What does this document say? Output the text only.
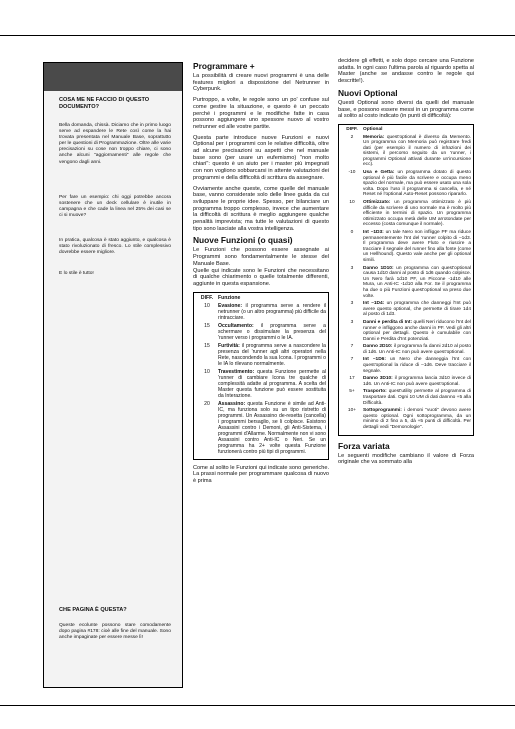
COSA ME NE FACCIO DI QUESTO DOCUMENTO?

Bella domanda, chissà. Diciamo che in primo luogo serve ad espandere le Rete così come la hai trovata presentata nel Manuale Base, soprattutto per le questioni di Programmazione. Oltre alle varie precisazioni su cose non troppo chiare, ci sono anche alcuni "aggiornamenti" alle regole che vengono dagli anni.

Per fare un esempio: chi oggi potrebbe ancora sostenere che un deck cellulare è inutile in campagna e che cade la linea nel 25% dei casi se ci si muove?

In pratica, qualcosa è stato aggiunto, e qualcosa è stato rivoluzionato di fresco. Lo stile complessivo dovrebbe essere migliore.

E lo stile è tutto!

CHE PAGINA È QUESTA?

Queste ecolunte possono stare comodamente dopo pagina #178: cioè alle fine del manuale. Sono anche impaginate per essere messe lì!

Programmare +

La possibilità di creare nuovi programmi è una delle features migliori a disposizione del Netrunner in Cyberpunk.

Purtroppo, a volte, le regole sono un po' confuse sul come gestire la situazione, e questo è un peccato perché i programmi e le modifiche fatte in casa possono aggiungere uno spessore nuovo al vostro netrunner ed alle vostre partite.

Questa parte introduce nuove Funzioni e nuovi Optional per i programmi con le relative difficoltà, oltre ad alcune precisazioni su aspetti che nel manuale base sono (per usare un eufemismo) "non molto chiari": questo è un aiuto per i master più impegnati con non vogliono sobbarcarsi in attente valutazioni dei programmi e della difficoltà di scrittura da assegnare.

Ovviamente anche queste, come quelle del manuale base, vanno considerate solo delle linee guida da cui sviluppare le proprie idee. Spesso, per bilanciare un programma troppo complesso, invece che aumentare la difficoltà di scrittura è meglio aggiungere qualche penalità imprevista; ma tutte le valutazioni di questo tipo sono lasciate alla vostra intelligenza.

Nuove Funzioni (o quasi)

Le Funzioni che possono essere assegnate ai Programmi sono fondamentalmente le stesse del Manuale Base.

Quelle qui indicate sono le Funzioni che necessitano di qualche chiarimento o quelle totalmente differenti, aggiunte in questa espansione.

DIFF. Funzione
10	Evasione: il programma serve a rendere il netrunner (o un altro programma) più difficile da rintracciare.
15	Occultamento: il programma serve a schermare o dissimulare la presenza del 'runner verso i programmi o le IA.
15	Furtività: il programma serve a nascondere la presenza del 'runner agli altri operatori nella Rete, nascondendo la sua Icona. I programmi o le IA lo rilevano normalmente.
10	Travestimento: questa Funzione permette al 'runner di cambiare Icona tre qualche di complessità adatte al programma. A scelta del Master questa funzione può essere sostituita da Interazione.
20	Assassino: questa Funzione è simile ad Anti-IC, ma funziona solo su un tipo ristretto di programmi. Un Assassino de-resetta (cancella) i programmi bersaglio, se li colpisce. Esistono Assassini contro i Demoni, gli Anti-Sistema, i programmi d'Allarme. Normalmente non vi sono Assassini contro Anti-IC o Neri. Se un programma ha 2+ volte questa Funzione funzionerà contro più tipi di programmi.

Come al solito le Funzioni qui indicate sono generiche. La prassi normale per programmare qualcosa di nuovo è prima

decidere gli effetti, e solo dopo cercare una Funzione adatta. In ogni caso l'ultima parola al riguardo spetta al Master (anche se andasse contro le regole qui descritte!).

Nuovi Optional

Questi Optional sono diversi da quelli del manuale base, e possono essere messi in un programma come al solito al costo indicato (in punti di difficoltà):

DIFF.	Optional
2	Memoria: quest'optional è diverso da Memento. Un programma con Memoria può registrare fredi dati (per esempio il numero di infrazioni dei sistemi, il percorso seguito da un 'runner, i programmi Optional attivati durante un'incursione ecc).
-10	Usa e Getta: un programma dotato di questo optional è più facile da scrivere e occupa meno spazio del normale, ma può essere usato una sola volta. Dopo l'uso il programma si cancella, e né Reset né l'optional Auto-Reset possono ripararlo.
10	Ottimizzato: un programma ottimizzato è più difficile da scrivere di uno normale ma è molto più efficiente in termini di spazio. Un programma ottimizzato occupa metà delle UM arrotondate per eccesso (costa comunque il normale).
0	Int –1D3: un tale Nero non infligge PF ma riduce permanentemente l'Int del 'runner colpito di –1d3. Il programma deve avere Fluto e riuscire a tracciare il segnale del runner fino alla fonte (come un Hellhound). Questo vale anche per gli optional simili.
3	Danno 1D10: un programma con quest'optional causa 1d10 danni al posto di 1d6 quando colpisce. Un Nero farà 1d10 PF, un Piccone -1d10 alle Mura, un Anti-IC -1d10 alla For. Se il programma ha due o più Funzioni quest'optional va preso due volte.
3	Int –1D4: un programma che danneggi l'Int può avere questo optional, che permette di tirare 1d4 al posto di 1d3.
3	Danni e perdita di Int: quelli Neri riducono l'Int del runner e infliggono anche danni in PF. Vedi gli altri optional per dettagli. Questo è cumulabile con Danni e Perdita d'Int potenziati.
7	Danno 2D10: il programma fa danni 2d10 al posto di 1d6. Un Anti-IC non può avere quest'optional.
7	Int –1D6: un Nero che danneggia l'Int con quest'optional la riduce di –1d6. Deve tracciare il segnale.
17	Danno 3D10: il programma lancia 3d10 invece di 1d6. Un Anti-IC non può avere quest'optional.
5+	Trasporto: quest'utility permette al programma di trasportare dati. Ogni 10 UM di dati dannno +5 alla Difficoltà.
10+	Sottoprogrammi: i demoni "vuoti" devono avere questo optional. Ogni sottoprogramma, da un minimo di 2 fino a 5, dà +5 punti di difficoltà. Per dettagli vedi "Demonologie".
Forza variata

Le seguenti modifiche cambiano il valore di Forza originale che va sommato alla
